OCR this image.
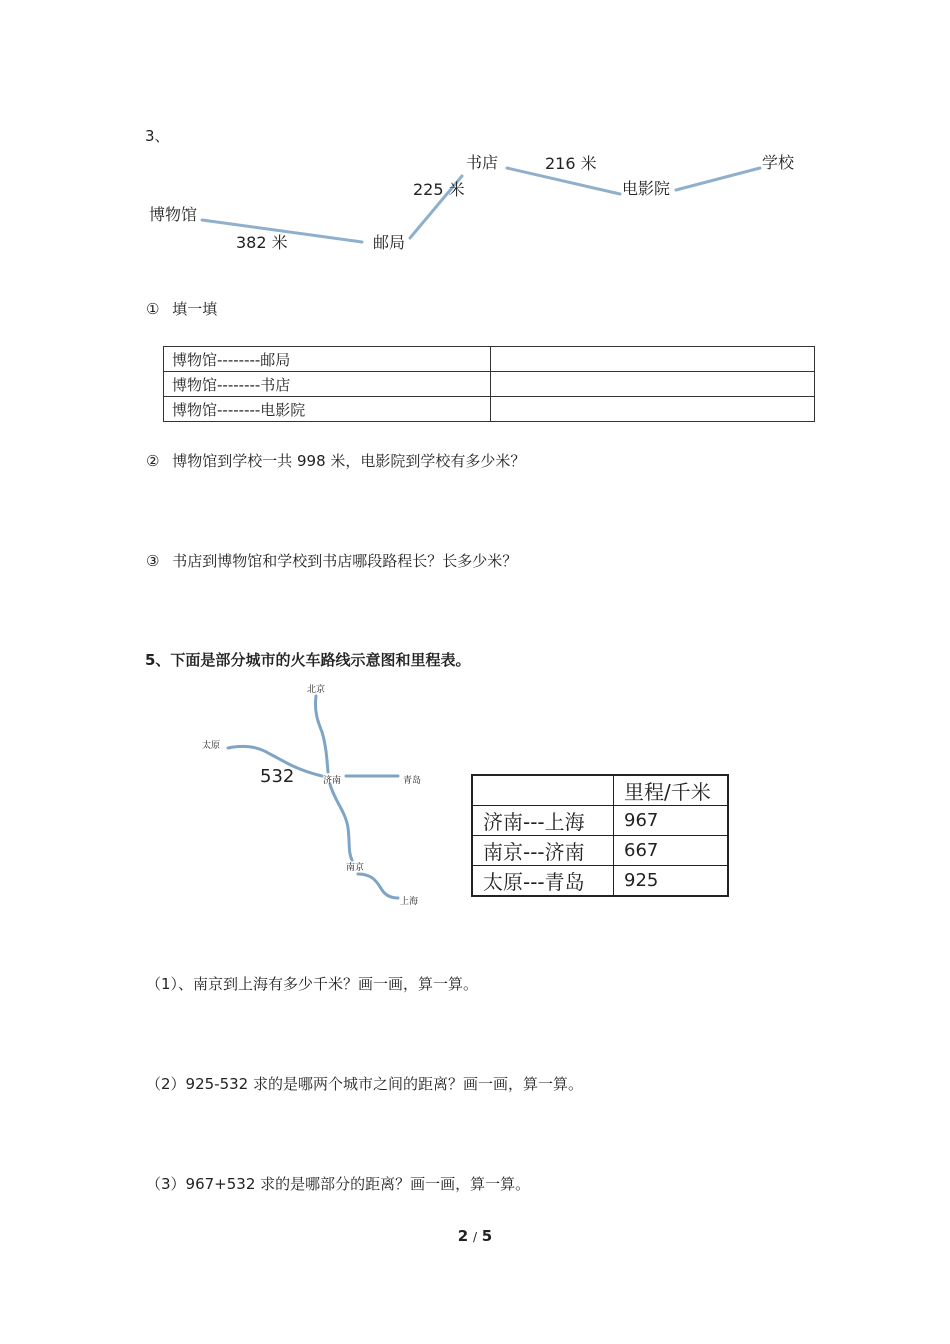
3、
博物馆
邮局
书店
电影院
学校
382 米
225 米
216 米
① 填一填
博物馆--------邮局	
博物馆--------书店	
博物馆--------电影院	
② 博物馆到学校一共 998 米，电影院到学校有多少米？
③ 书店到博物馆和学校到书店哪段路程长？长多少米？
5、下面是部分城市的火车路线示意图和里程表。
北京
太原
济南	青岛
南京
上海
532
	里程/千米
济南---上海	967
南京---济南	667
太原---青岛	925
（1）、南京到上海有多少千米？画一画，算一算。
（2）925-532 求的是哪两个城市之间的距离？画一画，算一算。
（3）967+532 求的是哪部分的距离？画一画，算一算。
2 / 5
